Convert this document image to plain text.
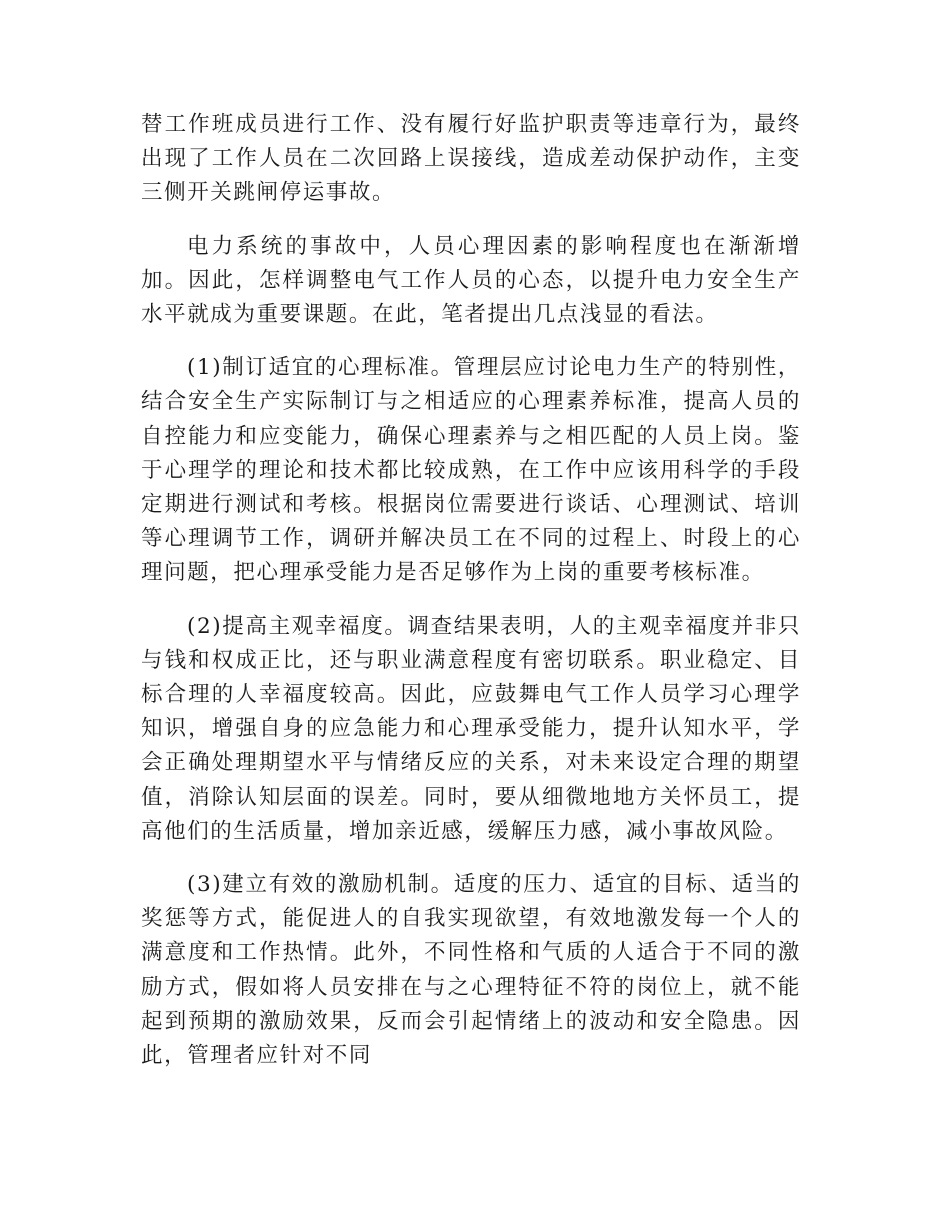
替工作班成员进行工作、没有履行好监护职责等违章行为，最终出现了工作人员在二次回路上误接线，造成差动保护动作，主变三侧开关跳闸停运事故。

电力系统的事故中，人员心理因素的影响程度也在渐渐增加。因此，怎样调整电气工作人员的心态，以提升电力安全生产水平就成为重要课题。在此，笔者提出几点浅显的看法。

(1)制订适宜的心理标准。管理层应讨论电力生产的特别性，结合安全生产实际制订与之相适应的心理素养标准，提高人员的自控能力和应变能力，确保心理素养与之相匹配的人员上岗。鉴于心理学的理论和技术都比较成熟，在工作中应该用科学的手段定期进行测试和考核。根据岗位需要进行谈话、心理测试、培训等心理调节工作，调研并解决员工在不同的过程上、时段上的心理问题，把心理承受能力是否足够作为上岗的重要考核标准。

(2)提高主观幸福度。调查结果表明，人的主观幸福度并非只与钱和权成正比，还与职业满意程度有密切联系。职业稳定、目标合理的人幸福度较高。因此，应鼓舞电气工作人员学习心理学知识，增强自身的应急能力和心理承受能力，提升认知水平，学会正确处理期望水平与情绪反应的关系，对未来设定合理的期望值，消除认知层面的误差。同时，要从细微地地方关怀员工，提高他们的生活质量，增加亲近感，缓解压力感，减小事故风险。

(3)建立有效的激励机制。适度的压力、适宜的目标、适当的奖惩等方式，能促进人的自我实现欲望，有效地激发每一个人的满意度和工作热情。此外，不同性格和气质的人适合于不同的激励方式，假如将人员安排在与之心理特征不符的岗位上，就不能起到预期的激励效果，反而会引起情绪上的波动和安全隐患。因此，管理者应针对不同
